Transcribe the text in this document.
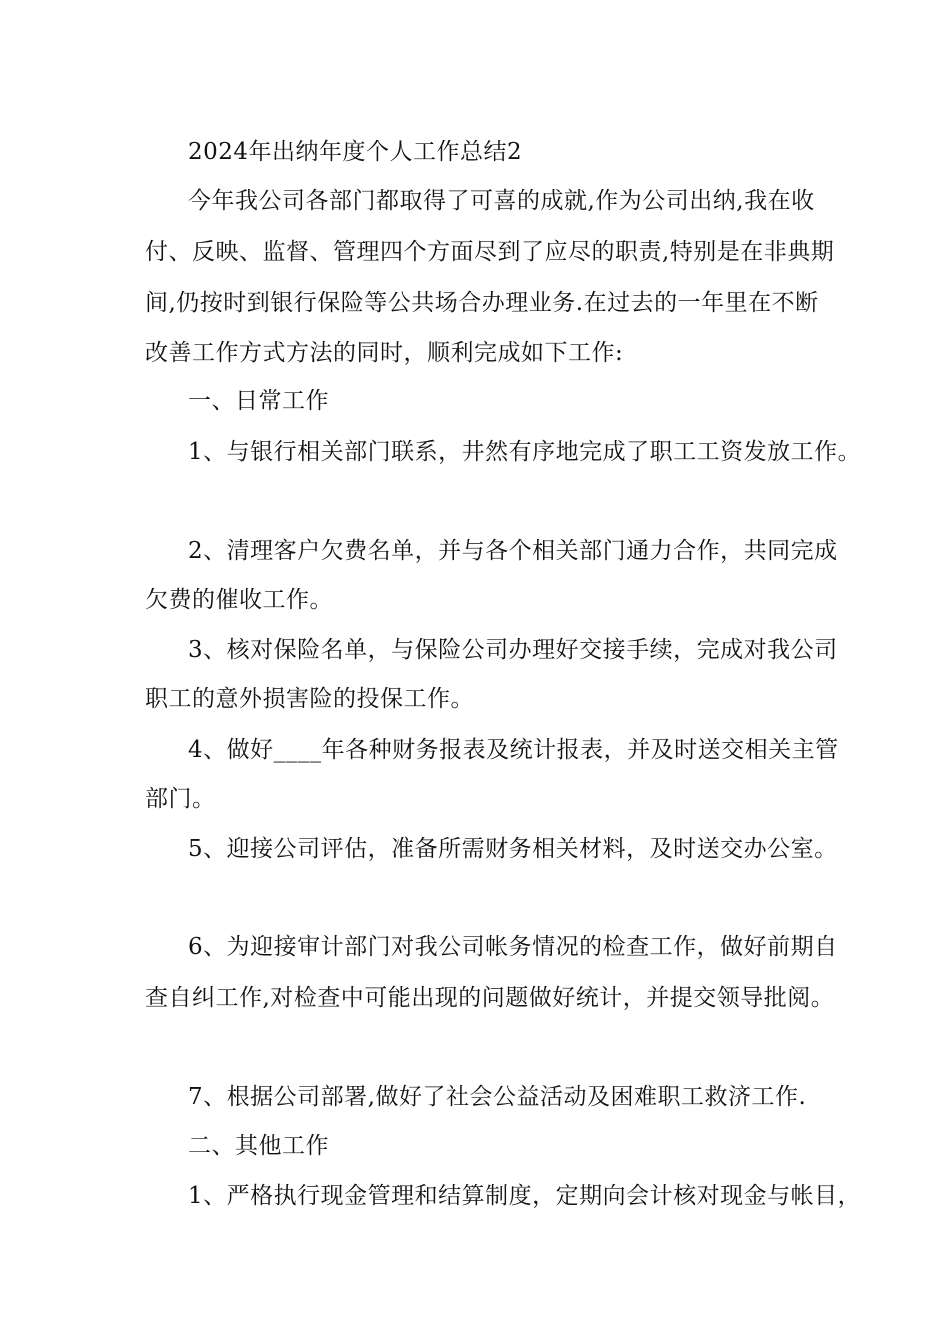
2024年出纳年度个人工作总结2
今年我公司各部门都取得了可喜的成就,作为公司出纳,我在收
付、反映、监督、管理四个方面尽到了应尽的职责,特别是在非典期
间,仍按时到银行保险等公共场合办理业务.在过去的一年里在不断
改善工作方式方法的同时，顺利完成如下工作:
一、日常工作
1、与银行相关部门联系，井然有序地完成了职工工资发放工作。
2、清理客户欠费名单，并与各个相关部门通力合作，共同完成
欠费的催收工作。
3、核对保险名单，与保险公司办理好交接手续，完成对我公司
职工的意外损害险的投保工作。
4、做好____年各种财务报表及统计报表，并及时送交相关主管
部门。
5、迎接公司评估，准备所需财务相关材料，及时送交办公室。
6、为迎接审计部门对我公司帐务情况的检查工作，做好前期自
查自纠工作,对检查中可能出现的问题做好统计，并提交领导批阅。
7、根据公司部署,做好了社会公益活动及困难职工救济工作.
二、其他工作
1、严格执行现金管理和结算制度，定期向会计核对现金与帐目，
